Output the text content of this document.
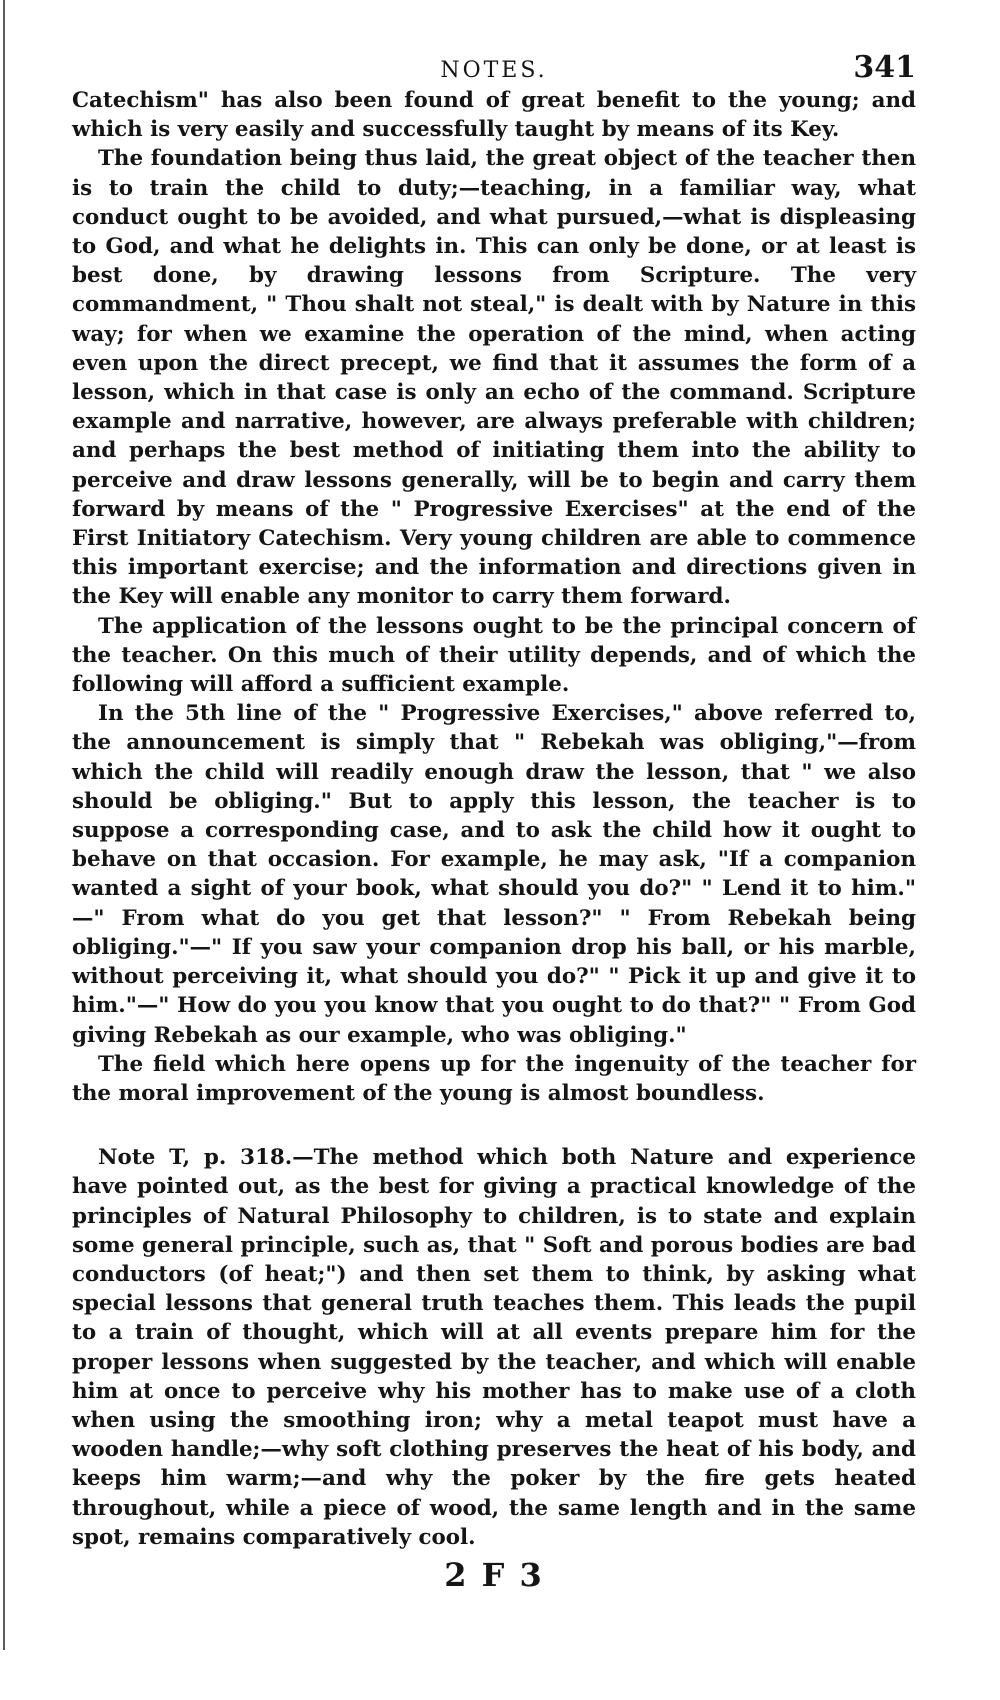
NOTES.	341

Catechism" has also been found of great benefit to the young; and which is very easily and successfully taught by means of its Key.

The foundation being thus laid, the great object of the teacher then is to train the child to duty;—teaching, in a familiar way, what conduct ought to be avoided, and what pursued,—what is displeasing to God, and what he delights in. This can only be done, or at least is best done, by drawing lessons from Scripture. The very commandment, " Thou shalt not steal," is dealt with by Nature in this way; for when we examine the operation of the mind, when acting even upon the direct precept, we find that it assumes the form of a lesson, which in that case is only an echo of the command. Scripture example and narrative, however, are always preferable with children; and perhaps the best method of initiating them into the ability to perceive and draw lessons generally, will be to begin and carry them forward by means of the " Progressive Exercises" at the end of the First Initiatory Catechism. Very young children are able to commence this important exercise; and the information and directions given in the Key will enable any monitor to carry them forward.

The application of the lessons ought to be the principal concern of the teacher. On this much of their utility depends, and of which the following will afford a sufficient example.

In the 5th line of the " Progressive Exercises," above referred to, the announcement is simply that " Rebekah was obliging,"—from which the child will readily enough draw the lesson, that " we also should be obliging." But to apply this lesson, the teacher is to suppose a corresponding case, and to ask the child how it ought to behave on that occasion. For example, he may ask, "If a companion wanted a sight of your book, what should you do?" " Lend it to him." —" From what do you get that lesson?" " From Rebekah being obliging."—" If you saw your companion drop his ball, or his marble, without perceiving it, what should you do?" " Pick it up and give it to him."—" How do you you know that you ought to do that?" " From God giving Rebekah as our example, who was obliging."

The field which here opens up for the ingenuity of the teacher for the moral improvement of the young is almost boundless.

Note T, p. 318.—The method which both Nature and experience have pointed out, as the best for giving a practical knowledge of the principles of Natural Philosophy to children, is to state and explain some general principle, such as, that " Soft and porous bodies are bad conductors (of heat;") and then set them to think, by asking what special lessons that general truth teaches them. This leads the pupil to a train of thought, which will at all events prepare him for the proper lessons when suggested by the teacher, and which will enable him at once to perceive why his mother has to make use of a cloth when using the smoothing iron; why a metal teapot must have a wooden handle;—why soft clothing preserves the heat of his body, and keeps him warm;—and why the poker by the fire gets heated throughout, while a piece of wood, the same length and in the same spot, remains comparatively cool.

2 F 3
